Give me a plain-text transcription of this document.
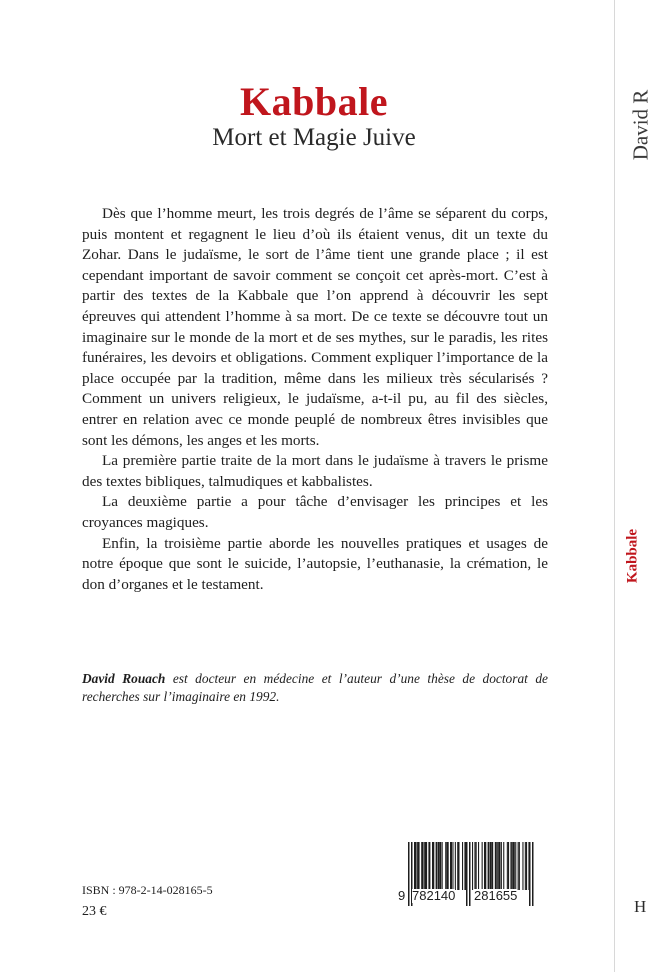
Kabbale
Mort et Magie Juive

Dès que l’homme meurt, les trois degrés de l’âme se séparent du corps, puis montent et regagnent le lieu d’où ils étaient venus, dit un texte du Zohar. Dans le judaïsme, le sort de l’âme tient une grande place ; il est cependant important de savoir comment se conçoit cet après-mort. C’est à partir des textes de la Kabbale que l’on apprend à découvrir les sept épreuves qui attendent l’homme à sa mort. De ce texte se découvre tout un imaginaire sur le monde de la mort et de ses mythes, sur le paradis, les rites funéraires, les devoirs et obligations. Comment expliquer l’importance de la place occupée par la tradition, même dans les milieux très sécularisés ? Comment un univers religieux, le judaïsme, a-t-il pu, au fil des siècles, entrer en relation avec ce monde peuplé de nombreux êtres invisibles que sont les démons, les anges et les morts.

La première partie traite de la mort dans le judaïsme à travers le prisme des textes bibliques, talmudiques et kabbalistes.

La deuxième partie a pour tâche d’envisager les principes et les croyances magiques.

Enfin, la troisième partie aborde les nouvelles pratiques et usages de notre époque que sont le suicide, l’autopsie, l’euthanasie, la crémation, le don d’organes et le testament.

David Rouach est docteur en médecine et l’auteur d’une thèse de doctorat de recherches sur l’imaginaire en 1992.
ISBN : 978-2-14-028165-5
23 €
9 782140 281655
David R
Kabbale
H
